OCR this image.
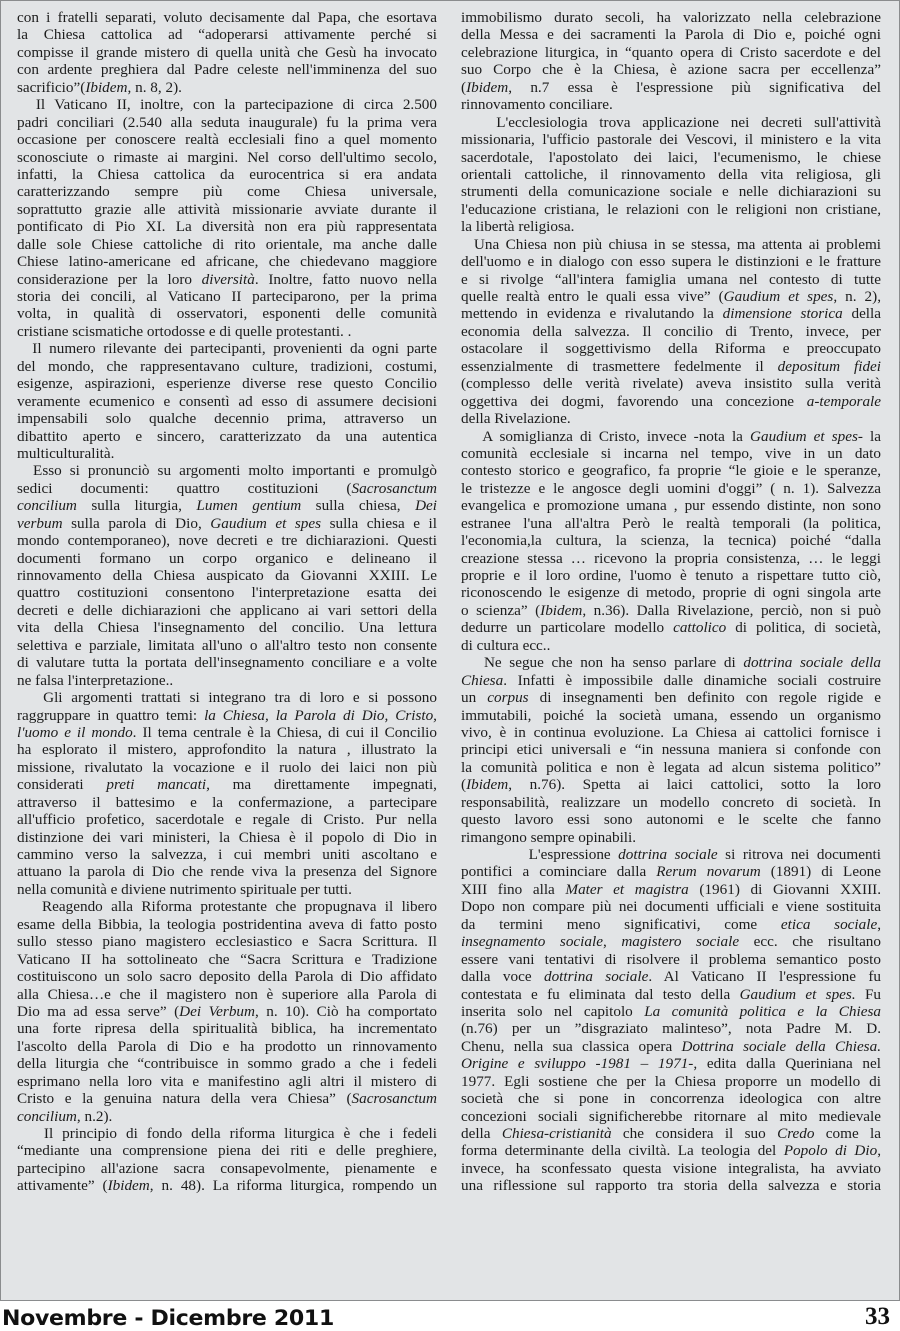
con i fratelli separati, voluto decisamente dal Papa, che esortava
la Chiesa cattolica ad “adoperarsi attivamente perché si
compisse il grande mistero di quella unità che Gesù ha invocato
con ardente preghiera dal Padre celeste nell'imminenza del suo
sacrificio”(Ibidem, n. 8, 2).
Il Vaticano II, inoltre, con la partecipazione di circa 2.500
padri conciliari (2.540 alla seduta inaugurale) fu la prima vera
occasione per conoscere realtà ecclesiali fino a quel momento
sconosciute o rimaste ai margini. Nel corso dell'ultimo secolo,
infatti, la Chiesa cattolica da eurocentrica si era andata
caratterizzando sempre più come Chiesa universale,
soprattutto grazie alle attività missionarie avviate durante il
pontificato di Pio XI. La diversità non era più rappresentata
dalle sole Chiese cattoliche di rito orientale, ma anche dalle
Chiese latino-americane ed africane, che chiedevano maggiore
considerazione per la loro diversità. Inoltre, fatto nuovo nella
storia dei concili, al Vaticano II parteciparono, per la prima
volta, in qualità di osservatori, esponenti delle comunità
cristiane scismatiche ortodosse e di quelle protestanti. .
Il numero rilevante dei partecipanti, provenienti da ogni parte
del mondo, che rappresentavano culture, tradizioni, costumi,
esigenze, aspirazioni, esperienze diverse rese questo Concilio
veramente ecumenico e consentì ad esso di assumere decisioni
impensabili solo qualche decennio prima, attraverso un
dibattito aperto e sincero, caratterizzato da una autentica
multiculturalità.
Esso si pronunciò su argomenti molto importanti e promulgò
sedici documenti: quattro costituzioni (Sacrosanctum
concilium sulla liturgia, Lumen gentium sulla chiesa, Dei
verbum sulla parola di Dio, Gaudium et spes sulla chiesa e il
mondo contemporaneo), nove decreti e tre dichiarazioni. Questi
documenti formano un corpo organico e delineano il
rinnovamento della Chiesa auspicato da Giovanni XXIII. Le
quattro costituzioni consentono l'interpretazione esatta dei
decreti e delle dichiarazioni che applicano ai vari settori della
vita della Chiesa l'insegnamento del concilio. Una lettura
selettiva e parziale, limitata all'uno o all'altro testo non consente
di valutare tutta la portata dell'insegnamento conciliare e a volte
ne falsa l'interpretazione..
Gli argomenti trattati si integrano tra di loro e si possono
raggruppare in quattro temi: la Chiesa, la Parola di Dio, Cristo,
l'uomo e il mondo. Il tema centrale è la Chiesa, di cui il Concilio
ha esplorato il mistero, approfondito la natura , illustrato la
missione, rivalutato la vocazione e il ruolo dei laici non più
considerati preti mancati, ma direttamente impegnati,
attraverso il battesimo e la confermazione, a partecipare
all'ufficio profetico, sacerdotale e regale di Cristo. Pur nella
distinzione dei vari ministeri, la Chiesa è il popolo di Dio in
cammino verso la salvezza, i cui membri uniti ascoltano e
attuano la parola di Dio che rende viva la presenza del Signore
nella comunità e diviene nutrimento spirituale per tutti.
Reagendo alla Riforma protestante che propugnava il libero
esame della Bibbia, la teologia postridentina aveva di fatto posto
sullo stesso piano magistero ecclesiastico e Sacra Scrittura. Il
Vaticano II ha sottolineato che “Sacra Scrittura e Tradizione
costituiscono un solo sacro deposito della Parola di Dio affidato
alla Chiesa…e che il magistero non è superiore alla Parola di
Dio ma ad essa serve” (Dei Verbum, n. 10). Ciò ha comportato
una forte ripresa della spiritualità biblica, ha incrementato
l'ascolto della Parola di Dio e ha prodotto un rinnovamento
della liturgia che “contribuisce in sommo grado a che i fedeli
esprimano nella loro vita e manifestino agli altri il mistero di
Cristo e la genuina natura della vera Chiesa” (Sacrosanctum
concilium, n.2).
Il principio di fondo della riforma liturgica è che i fedeli
“mediante una comprensione piena dei riti e delle preghiere,
partecipino all'azione sacra consapevolmente, pienamente e
attivamente” (Ibidem, n. 48). La riforma liturgica, rompendo un
immobilismo durato secoli, ha valorizzato nella celebrazione
della Messa e dei sacramenti la Parola di Dio e, poiché ogni
celebrazione liturgica, in “quanto opera di Cristo sacerdote e del
suo Corpo che è la Chiesa, è azione sacra per eccellenza”
(Ibidem, n.7 essa è l'espressione più significativa del
rinnovamento conciliare.
L'ecclesiologia trova applicazione nei decreti sull'attività
missionaria, l'ufficio pastorale dei Vescovi, il ministero e la vita
sacerdotale, l'apostolato dei laici, l'ecumenismo, le chiese
orientali cattoliche, il rinnovamento della vita religiosa, gli
strumenti della comunicazione sociale e nelle dichiarazioni su
l'educazione cristiana, le relazioni con le religioni non cristiane,
la libertà religiosa.
Una Chiesa non più chiusa in se stessa, ma attenta ai problemi
dell'uomo e in dialogo con esso supera le distinzioni e le fratture
e si rivolge “all'intera famiglia umana nel contesto di tutte
quelle realtà entro le quali essa vive” (Gaudium et spes, n. 2),
mettendo in evidenza e rivalutando la dimensione storica della
economia della salvezza. Il concilio di Trento, invece, per
ostacolare il soggettivismo della Riforma e preoccupato
essenzialmente di trasmettere fedelmente il depositum fidei
(complesso delle verità rivelate) aveva insistito sulla verità
oggettiva dei dogmi, favorendo una concezione a-temporale
della Rivelazione.
A somiglianza di Cristo, invece -nota la Gaudium et spes- la
comunità ecclesiale si incarna nel tempo, vive in un dato
contesto storico e geografico, fa proprie “le gioie e le speranze,
le tristezze e le angosce degli uomini d'oggi” ( n. 1). Salvezza
evangelica e promozione umana , pur essendo distinte, non sono
estranee l'una all'altra Però le realtà temporali (la politica,
l'economia,la cultura, la scienza, la tecnica) poiché “dalla
creazione stessa … ricevono la propria consistenza, … le leggi
proprie e il loro ordine, l'uomo è tenuto a rispettare tutto ciò,
riconoscendo le esigenze di metodo, proprie di ogni singola arte
o scienza” (Ibidem, n.36). Dalla Rivelazione, perciò, non si può
dedurre un particolare modello cattolico di politica, di società,
di cultura ecc..
Ne segue che non ha senso parlare di dottrina sociale della
Chiesa. Infatti è impossibile dalle dinamiche sociali costruire
un corpus di insegnamenti ben definito con regole rigide e
immutabili, poiché la società umana, essendo un organismo
vivo, è in continua evoluzione. La Chiesa ai cattolici fornisce i
principi etici universali e “in nessuna maniera si confonde con
la comunità politica e non è legata ad alcun sistema politico”
(Ibidem, n.76). Spetta ai laici cattolici, sotto la loro
responsabilità, realizzare un modello concreto di società. In
questo lavoro essi sono autonomi e le scelte che fanno
rimangono sempre opinabili.
L'espressione dottrina sociale si ritrova nei documenti
pontifici a cominciare dalla Rerum novarum (1891) di Leone
XIII fino alla Mater et magistra (1961) di Giovanni XXIII.
Dopo non compare più nei documenti ufficiali e viene sostituita
da termini meno significativi, come etica sociale,
insegnamento sociale, magistero sociale ecc. che risultano
essere vani tentativi di risolvere il problema semantico posto
dalla voce dottrina sociale. Al Vaticano II l'espressione fu
contestata e fu eliminata dal testo della Gaudium et spes. Fu
inserita solo nel capitolo La comunità politica e la Chiesa
(n.76) per un ”disgraziato malinteso”, nota Padre M. D.
Chenu, nella sua classica opera Dottrina sociale della Chiesa.
Origine e sviluppo -1981 – 1971-, edita dalla Queriniana nel
1977. Egli sostiene che per la Chiesa proporre un modello di
società che si pone in concorrenza ideologica con altre
concezioni sociali significherebbe ritornare al mito medievale
della Chiesa-cristianità che considera il suo Credo come la
forma determinante della civiltà. La teologia del Popolo di Dio,
invece, ha sconfessato questa visione integralista, ha avviato
una riflessione sul rapporto tra storia della salvezza e storia
Novembre - Dicembre 2011	33
